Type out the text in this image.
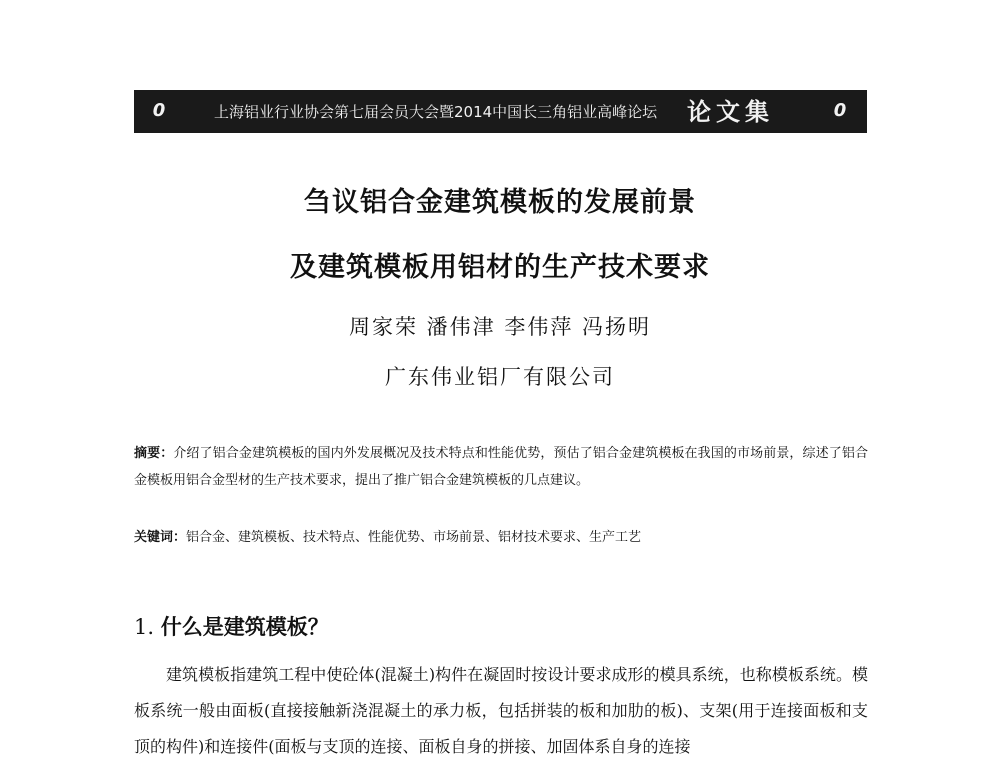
0	上海铝业行业协会第七届会员大会暨2014中国长三角铝业高峰论坛 论文集	0
刍议铝合金建筑模板的发展前景
及建筑模板用铝材的生产技术要求
周家荣 潘伟津 李伟萍 冯扬明
广东伟业铝厂有限公司
摘要：介绍了铝合金建筑模板的国内外发展概况及技术特点和性能优势，预估了铝合金建筑模板在我国的市场前景，综述了铝合金模板用铝合金型材的生产技术要求，提出了推广铝合金建筑模板的几点建议。
关键词：铝合金、建筑模板、技术特点、性能优势、市场前景、铝材技术要求、生产工艺
1. 什么是建筑模板？
建筑模板指建筑工程中使砼体(混凝土)构件在凝固时按设计要求成形的模具系统，也称模板系统。模板系统一般由面板(直接接触新浇混凝土的承力板，包括拼装的板和加肋的板)、支架(用于连接面板和支顶的构件)和连接件(面板与支顶的连接、面板自身的拼接、加固体系自身的连接
